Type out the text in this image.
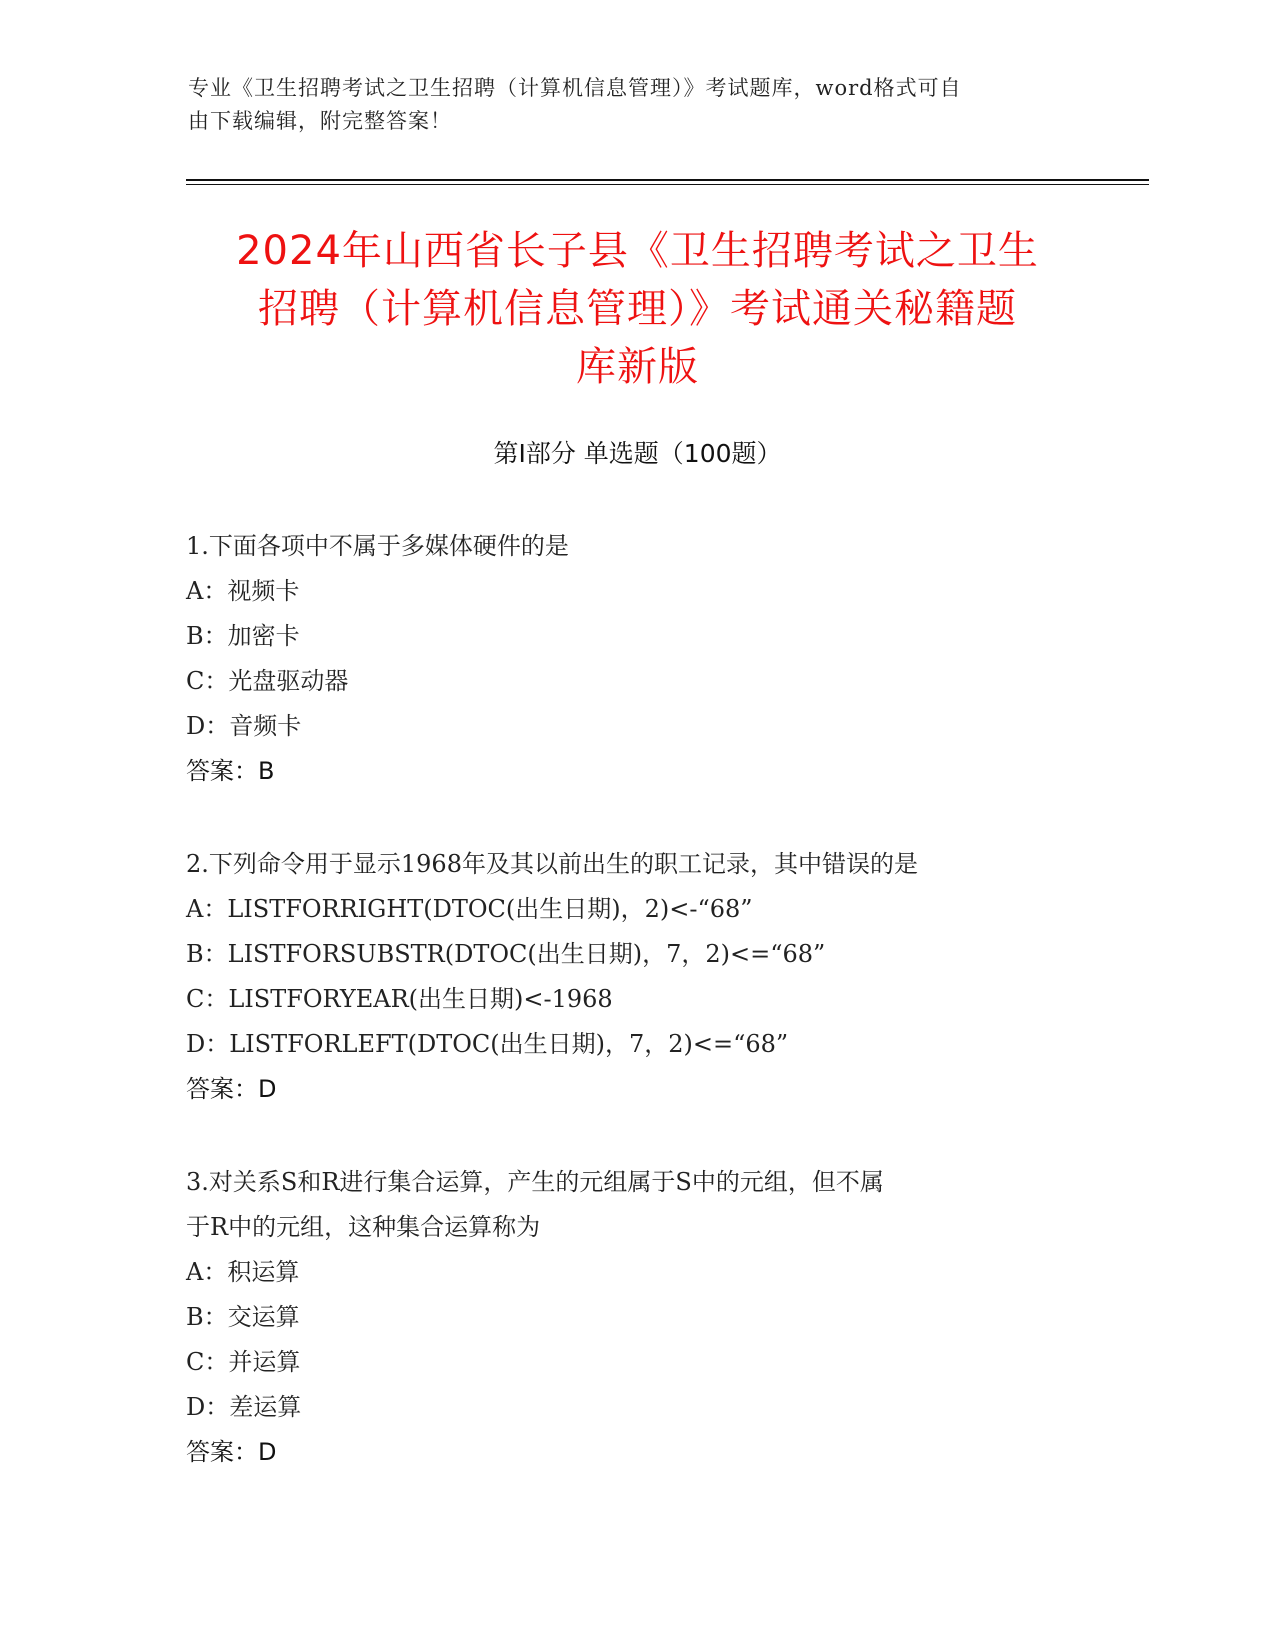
专业《卫生招聘考试之卫生招聘（计算机信息管理）》考试题库，word格式可自
由下载编辑，附完整答案！
2024年山西省长子县《卫生招聘考试之卫生
招聘（计算机信息管理）》考试通关秘籍题
库新版
第Ⅰ部分 单选题（100题）
1.下面各项中不属于多媒体硬件的是
A：视频卡
B：加密卡
C：光盘驱动器
D：音频卡
答案：B
2.下列命令用于显示1968年及其以前出生的职工记录，其中错误的是
A：LISTFORRIGHT(DTOC(出生日期)，2)<-“68”
B：LISTFORSUBSTR(DTOC(出生日期)，7，2)<=“68”
C：LISTFORYEAR(出生日期)<-1968
D：LISTFORLEFT(DTOC(出生日期)，7，2)<=“68”
答案：D
3.对关系S和R进行集合运算，产生的元组属于S中的元组，但不属
于R中的元组，这种集合运算称为
A：积运算
B：交运算
C：并运算
D：差运算
答案：D
